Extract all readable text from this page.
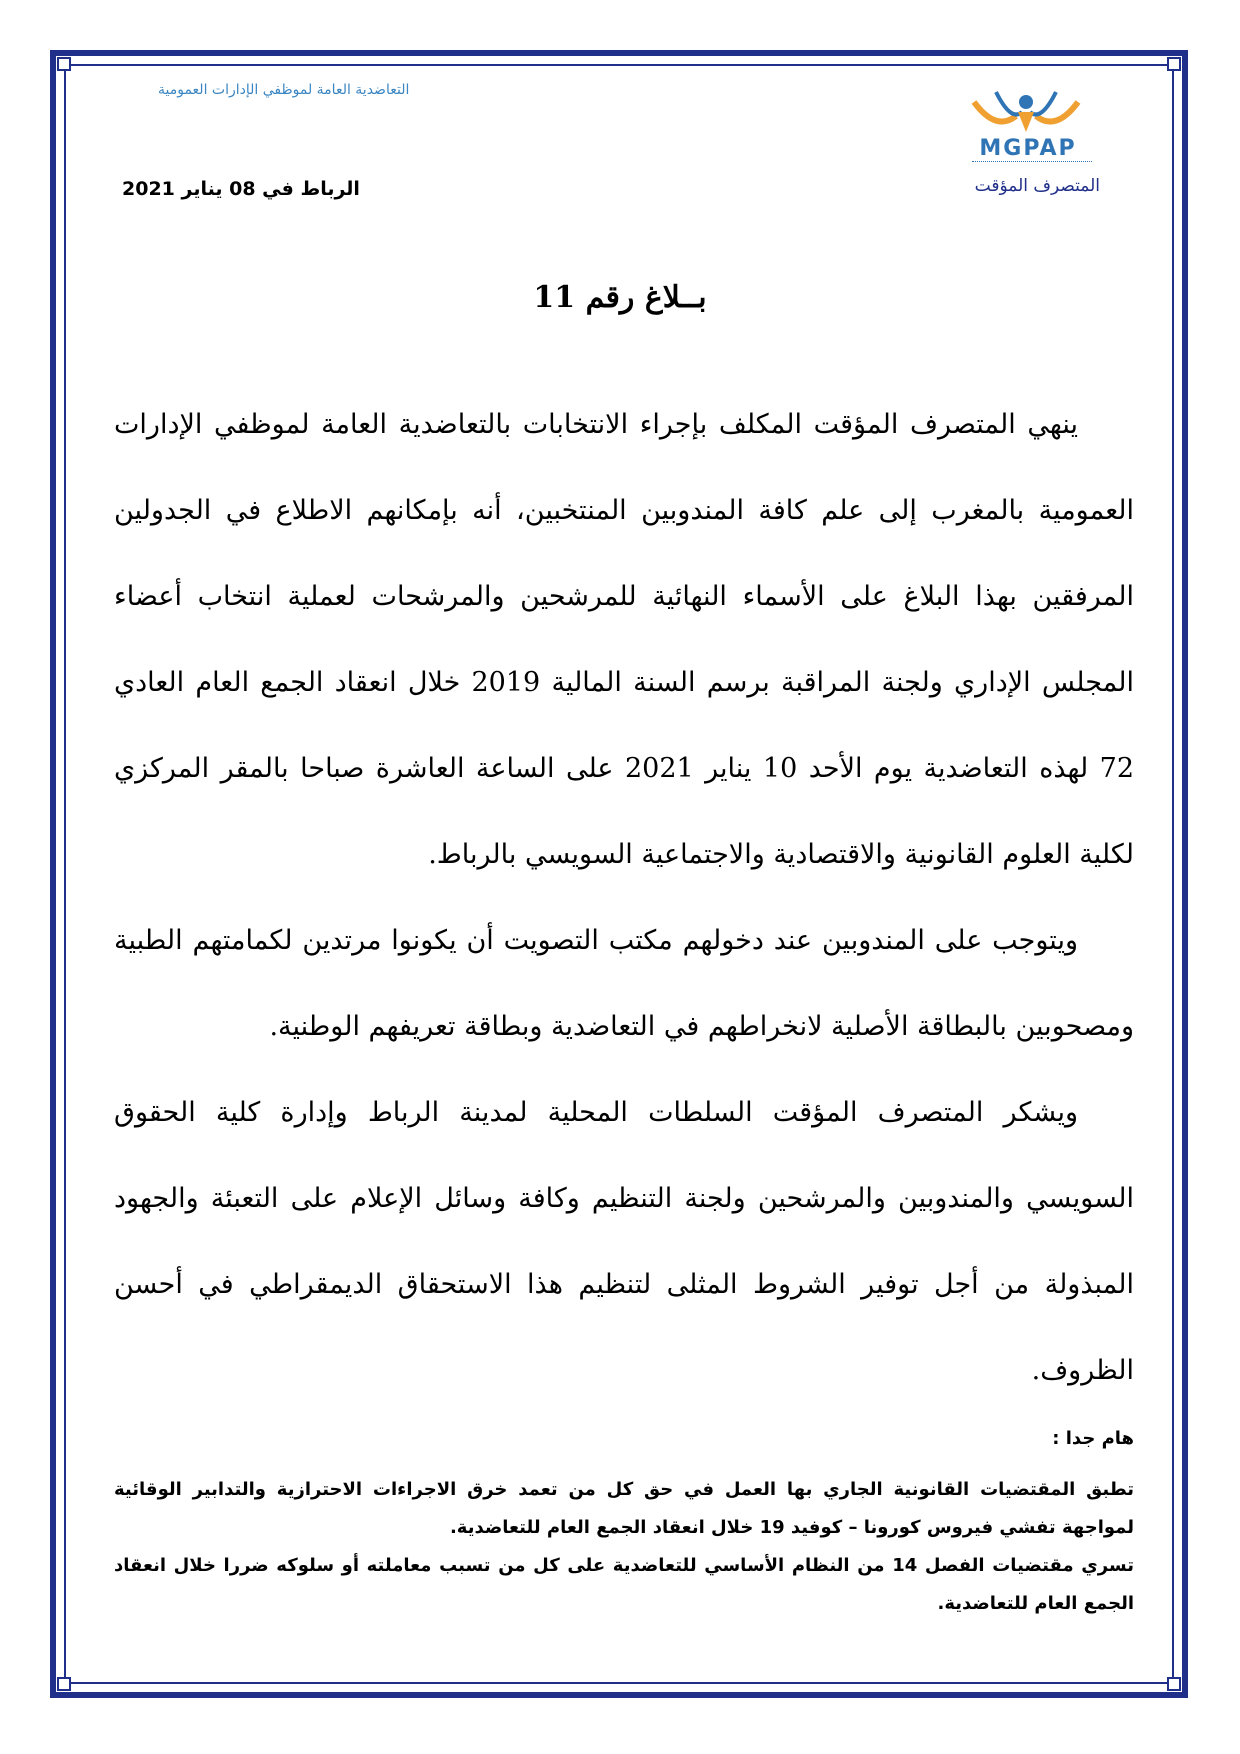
التعاضدية العامة لموظفي الإدارات العمومية
MGPAP
المتصرف المؤقت
الرباط في 08 يناير 2021
بــلاغ رقم 11

ينهي المتصرف المؤقت المكلف بإجراء الانتخابات بالتعاضدية العامة لموظفي الإدارات العمومية بالمغرب إلى علم كافة المندوبين المنتخبين، أنه بإمكانهم الاطلاع في الجدولين المرفقين بهذا البلاغ على الأسماء النهائية للمرشحين والمرشحات لعملية انتخاب أعضاء المجلس الإداري ولجنة المراقبة برسم السنة المالية 2019 خلال انعقاد الجمع العام العادي 72 لهذه التعاضدية يوم الأحد 10 يناير 2021 على الساعة العاشرة صباحا بالمقر المركزي لكلية العلوم القانونية والاقتصادية والاجتماعية السويسي بالرباط.

ويتوجب على المندوبين عند دخولهم مكتب التصويت أن يكونوا مرتدين لكمامتهم الطبية ومصحوبين بالبطاقة الأصلية لانخراطهم في التعاضدية وبطاقة تعريفهم الوطنية.

ويشكر المتصرف المؤقت السلطات المحلية لمدينة الرباط وإدارة كلية الحقوق السويسي والمندوبين والمرشحين ولجنة التنظيم وكافة وسائل الإعلام على التعبئة والجهود المبذولة من أجل توفير الشروط المثلى لتنظيم هذا الاستحقاق الديمقراطي في أحسن الظروف.

هام جدا :

تطبق المقتضيات القانونية الجاري بها العمل في حق كل من تعمد خرق الاجراءات الاحترازية والتدابير الوقائية لمواجهة تفشي فيروس كورونا – كوفيد 19 خلال انعقاد الجمع العام للتعاضدية.

تسري مقتضيات الفصل 14 من النظام الأساسي للتعاضدية على كل من تسبب معاملته أو سلوكه ضررا خلال انعقاد الجمع العام للتعاضدية.
